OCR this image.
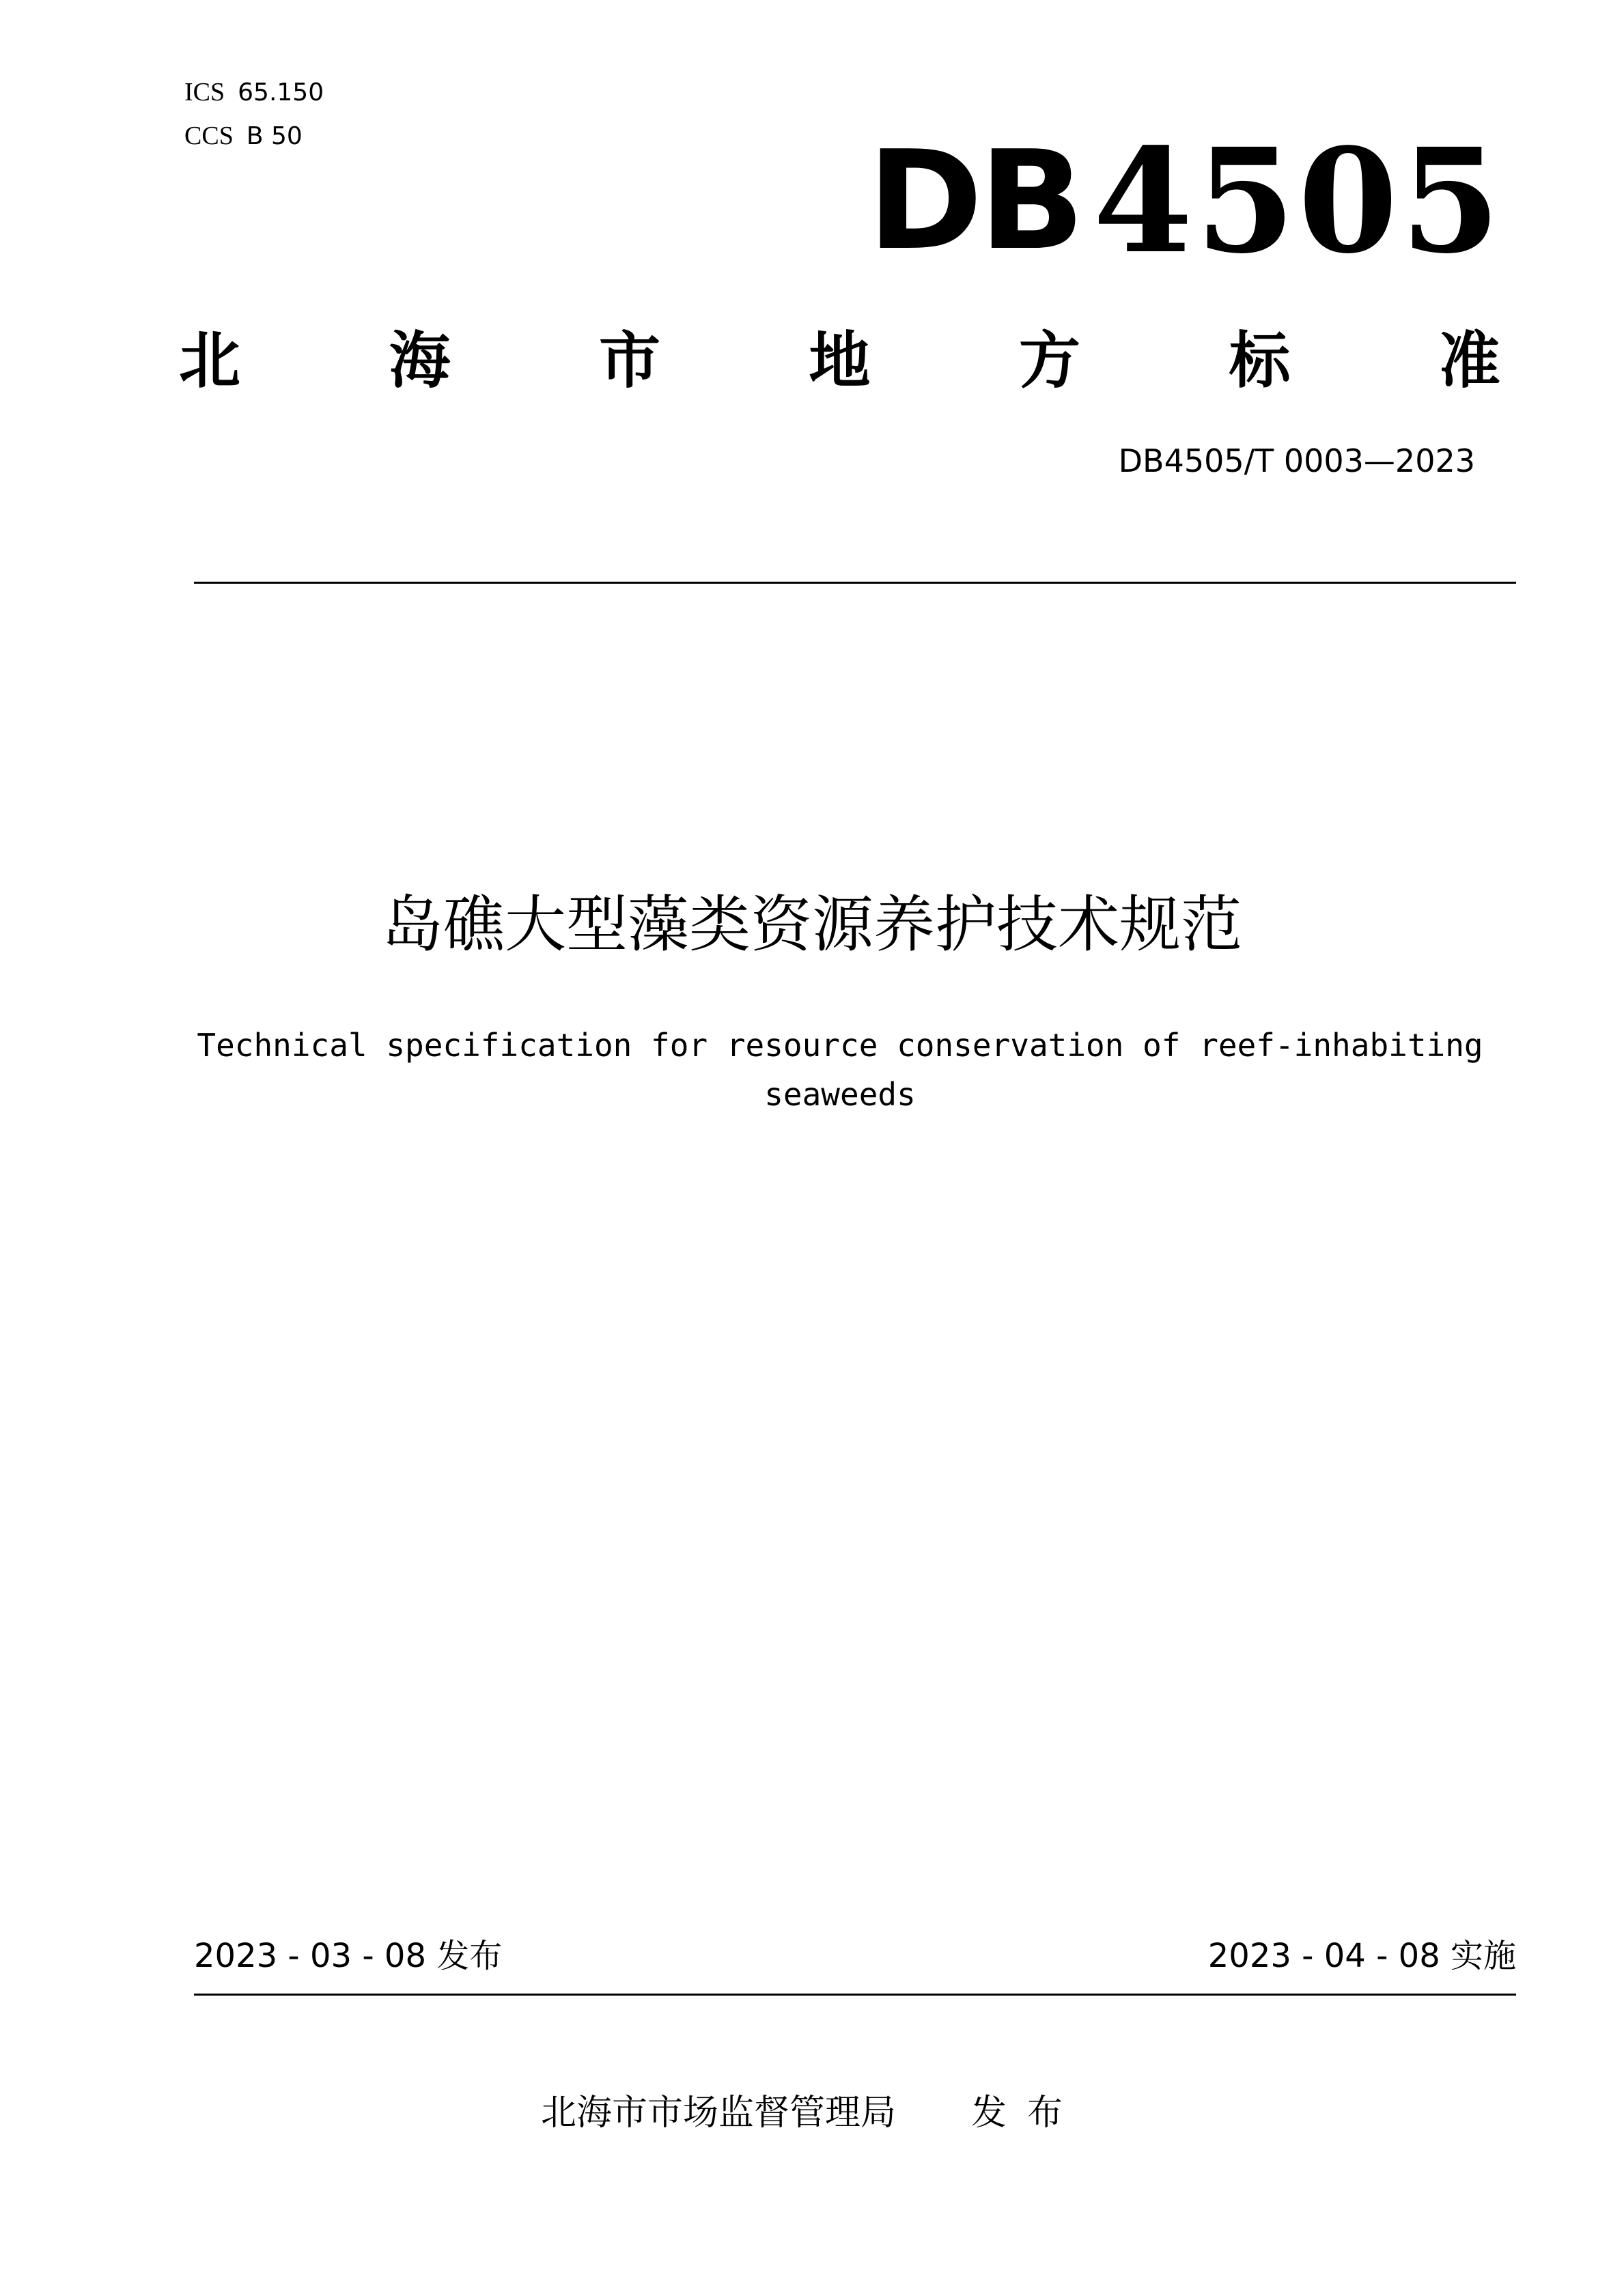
ICS 65.150
CCS B 50	DB 4505
北 海 市 地 方 标 准
DB4505/T 0003—2023
岛礁大型藻类资源养护技术规范
Technical specification for resource conservation of reef-inhabiting seaweeds
2023 - 03 - 08 发布	2023 - 04 - 08 实施
北海市市场监督管理局 发布
